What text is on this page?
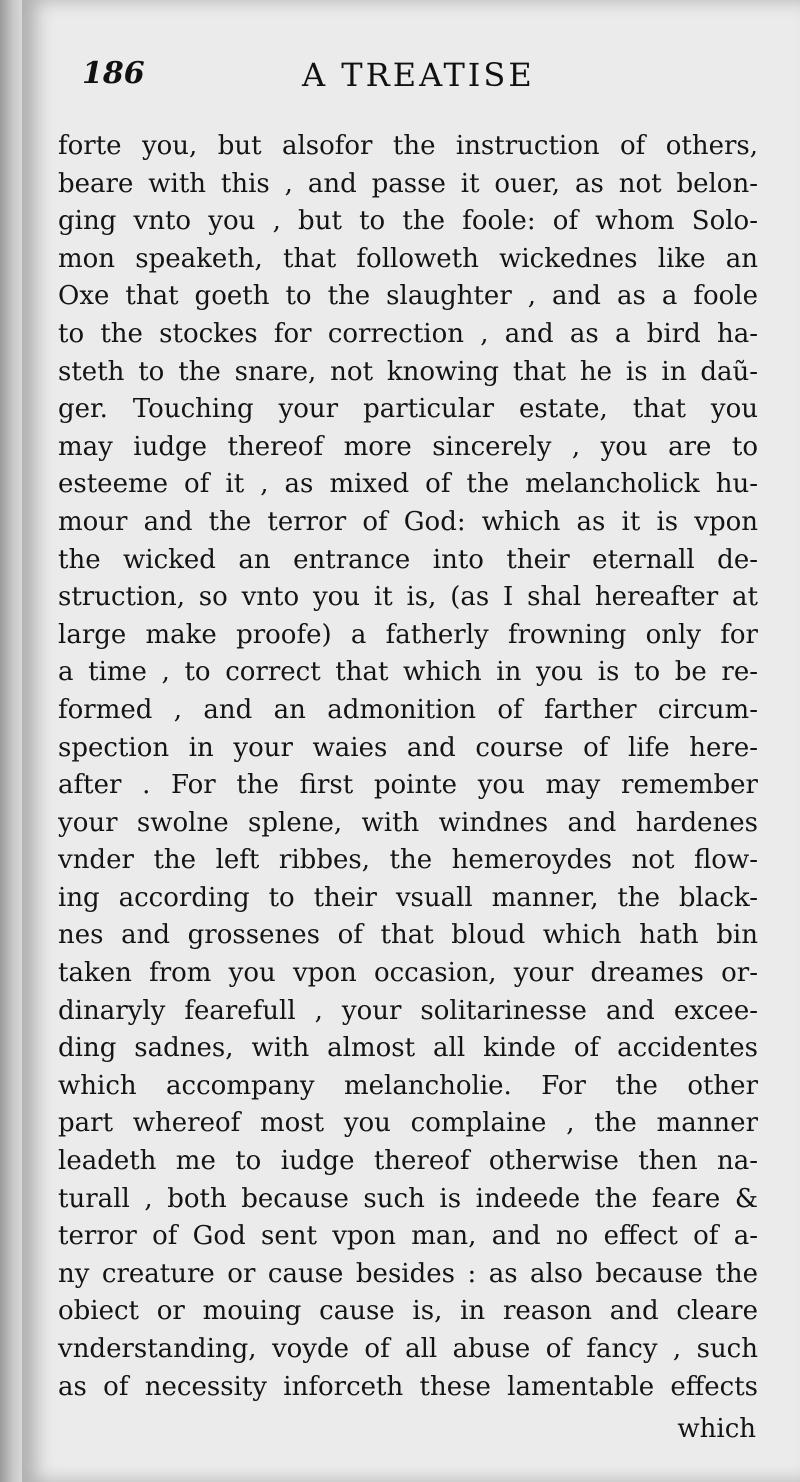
186	A TREATISE
forte you, but alsofor the instruction of others,
beare with this , and passe it ouer, as not belon-
ging vnto you , but to the foole: of whom Solo-
mon speaketh, that followeth wickednes like an
Oxe that goeth to the slaughter , and as a foole
to the stockes for correction , and as a bird ha-
steth to the snare, not knowing that he is in daũ-
ger. Touching your particular estate, that you
may iudge thereof more sincerely , you are to
esteeme of it , as mixed of the melancholick hu-
mour and the terror of God: which as it is vpon
the wicked an entrance into their eternall de-
struction, so vnto you it is, (as I shal hereafter at
large make proofe) a fatherly frowning only for
a time , to correct that which in you is to be re-
formed , and an admonition of farther circum-
spection in your waies and course of life here-
after . For the first pointe you may remember
your swolne splene, with windnes and hardenes
vnder the left ribbes, the hemeroydes not flow-
ing according to their vsuall manner, the black-
nes and grossenes of that bloud which hath bin
taken from you vpon occasion, your dreames or-
dinaryly fearefull , your solitarinesse and excee-
ding sadnes, with almost all kinde of accidentes
which accompany melancholie. For the other
part whereof most you complaine , the manner
leadeth me to iudge thereof otherwise then na-
turall , both because such is indeede the feare &
terror of God sent vpon man, and no effect of a-
ny creature or cause besides : as also because the
obiect or mouing cause is, in reason and cleare
vnderstanding, voyde of all abuse of fancy , such
as of necessity inforceth these lamentable effects
which
